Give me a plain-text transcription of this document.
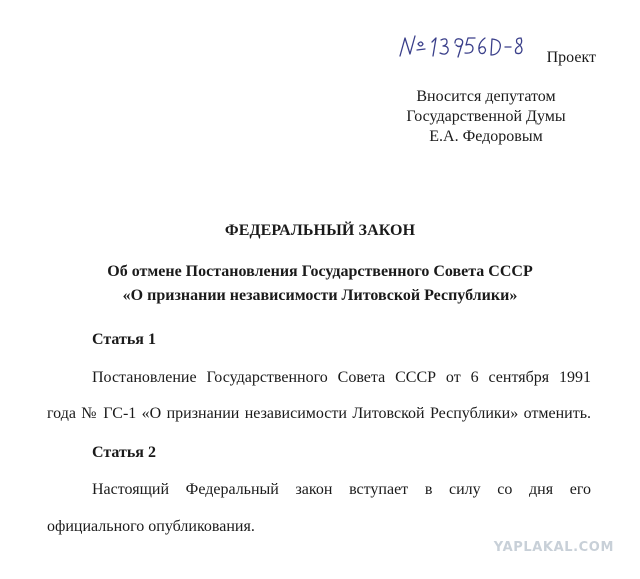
Проект
Вносится депутатом
Государственной Думы
Е.А. Федоровым
ФЕДЕРАЛЬНЫЙ ЗАКОН
Об отмене Постановления Государственного Совета СССР
«О признании независимости Литовской Республики»
Статья 1
Постановление Государственного Совета СССР от 6 сентября 1991
года № ГС-1 «О признании независимости Литовской Республики» отменить.
Статья 2
Настоящий Федеральный закон вступает в силу со дня его
официального опубликования.
YAPLAKAL.COM
